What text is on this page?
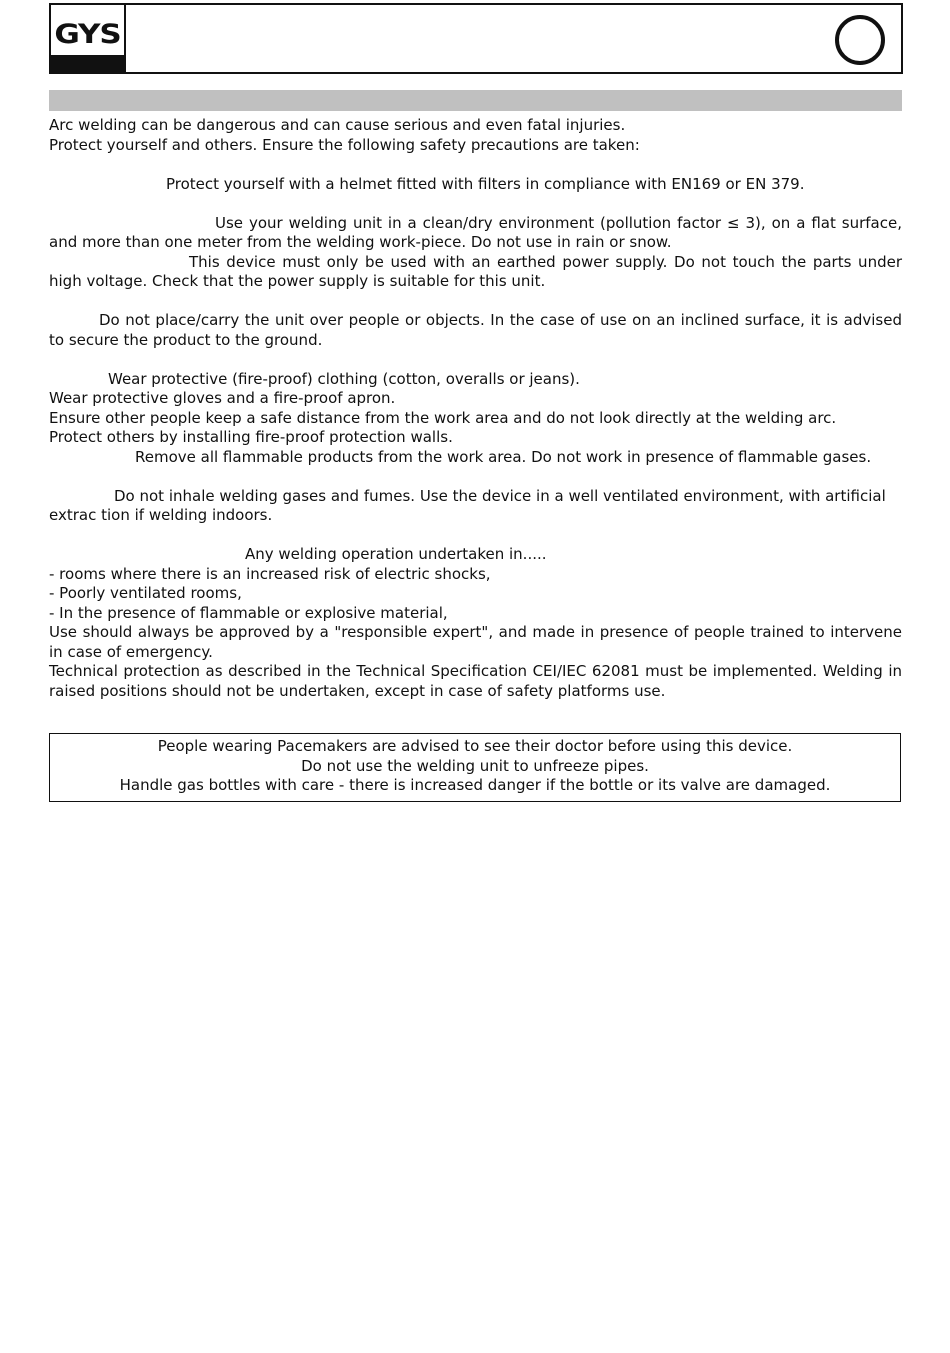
GYS

Arc welding can be dangerous and can cause serious and even fatal injuries.

Protect yourself and others. Ensure the following safety precautions are taken:

Protect yourself with a helmet fitted with filters in compliance with EN169 or EN 379.

Use your welding unit in a clean/dry environment (pollution factor ≤ 3), on a flat surface, and more than one meter from the welding work-piece. Do not use in rain or snow.

This device must only be used with an earthed power supply. Do not touch the parts under high voltage. Check that the power supply is suitable for this unit.

Do not place/carry the unit over people or objects. In the case of use on an inclined surface, it is advised to secure the product to the ground.

Wear protective (fire-proof) clothing (cotton, overalls or jeans).

Wear protective gloves and a fire-proof apron.

Ensure other people keep a safe distance from the work area and do not look directly at the welding arc.

Protect others by installing fire-proof protection walls.

Remove all flammable products from the work area. Do not work in presence of flammable gases.

Do not inhale welding gases and fumes. Use the device in a well ventilated environment, with artificial extrac tion if welding indoors.

Any welding operation undertaken in.....

- rooms where there is an increased risk of electric shocks,

- Poorly ventilated rooms,

- In the presence of flammable or explosive material,

Use should always be approved by a "responsible expert", and made in presence of people trained to intervene in case of emergency.

Technical protection as described in the Technical Specification CEI/IEC 62081 must be implemented. Welding in raised positions should not be undertaken, except in case of safety platforms use.

People wearing Pacemakers are advised to see their doctor before using this device.
Do not use the welding unit to unfreeze pipes.
Handle gas bottles with care - there is increased danger if the bottle or its valve are damaged.
